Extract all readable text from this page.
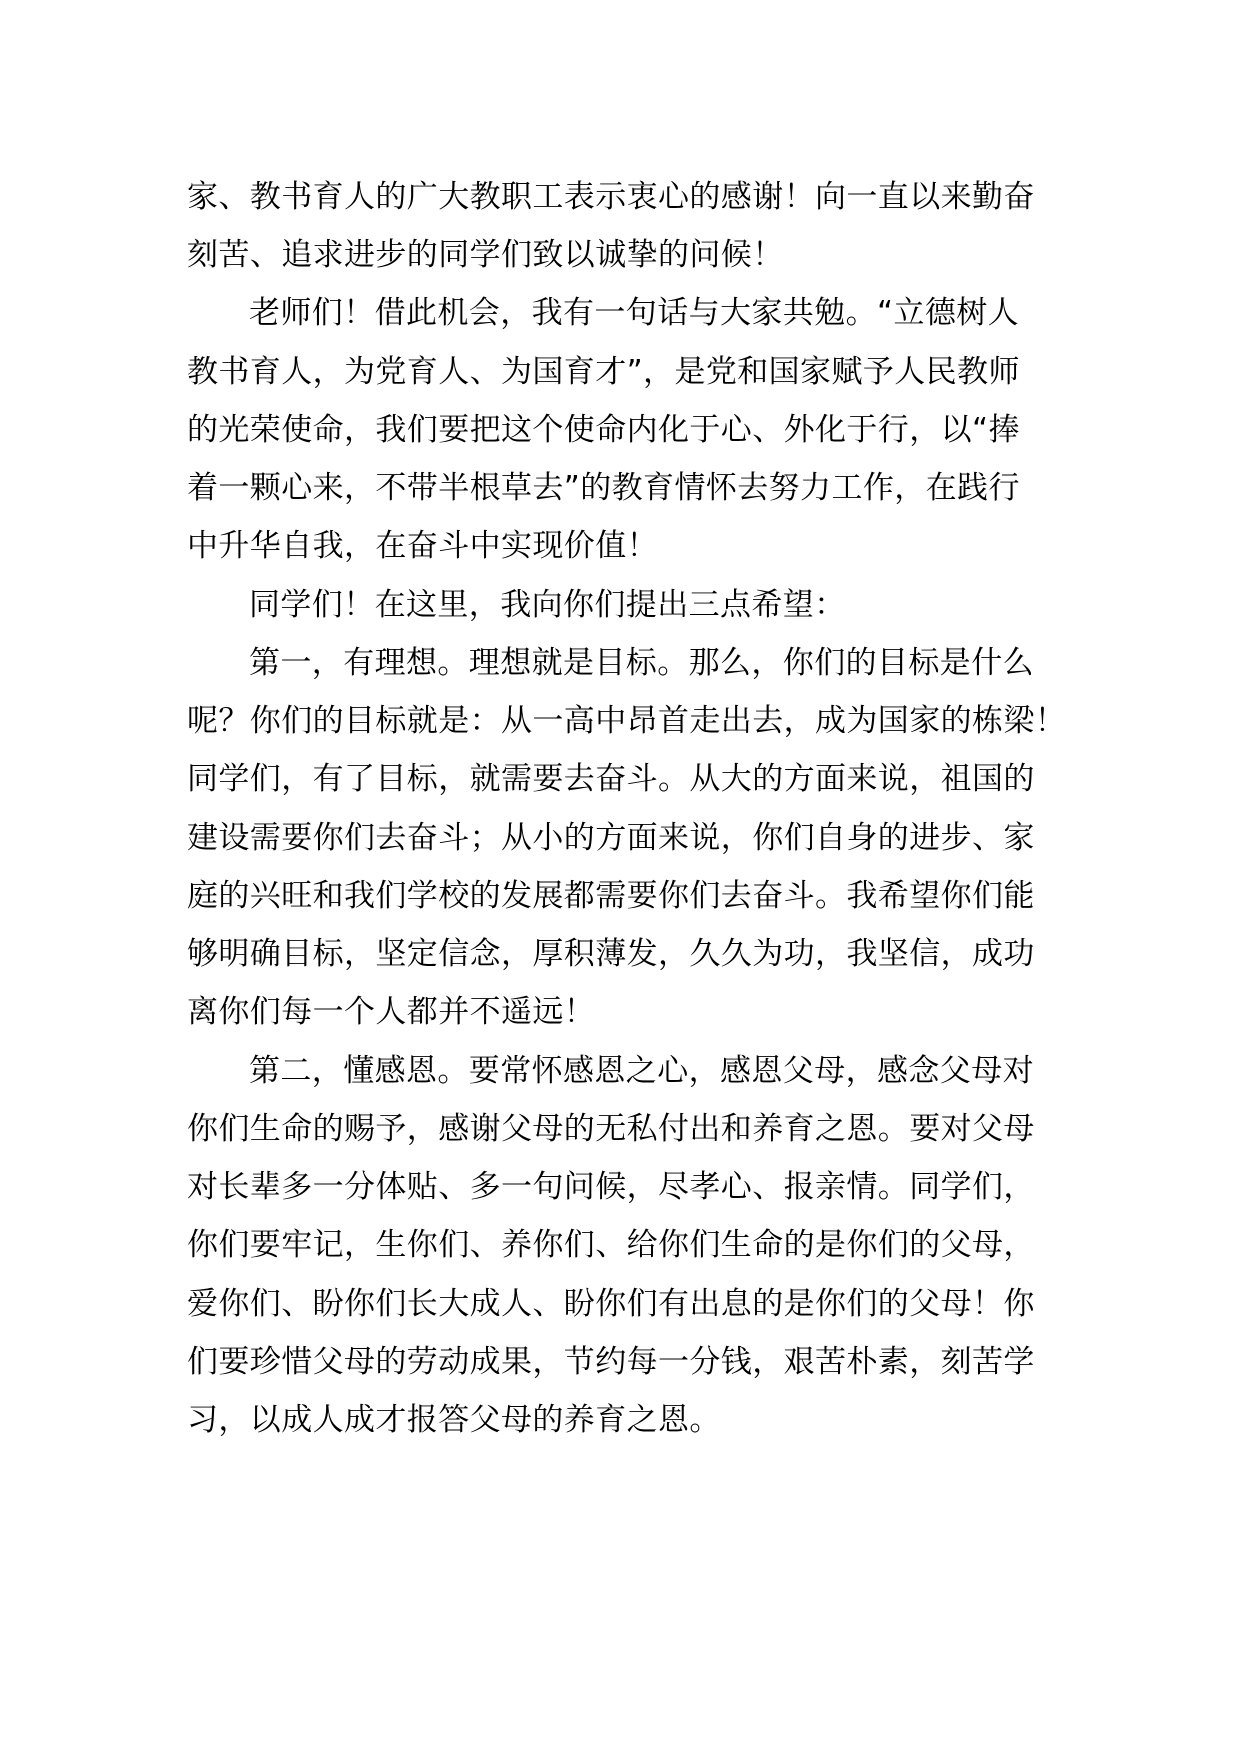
家、教书育人的广大教职工表示衷心的感谢！向一直以来勤奋
刻苦、追求进步的同学们致以诚挚的问候！
老师们！借此机会，我有一句话与大家共勉。“立德树人
教书育人，为党育人、为国育才”，是党和国家赋予人民教师
的光荣使命，我们要把这个使命内化于心、外化于行，以“捧
着一颗心来，不带半根草去”的教育情怀去努力工作，在践行
中升华自我，在奋斗中实现价值！
同学们！在这里，我向你们提出三点希望：
第一，有理想。理想就是目标。那么，你们的目标是什么
呢？你们的目标就是：从一高中昂首走出去，成为国家的栋梁！
同学们，有了目标，就需要去奋斗。从大的方面来说，祖国的
建设需要你们去奋斗；从小的方面来说，你们自身的进步、家
庭的兴旺和我们学校的发展都需要你们去奋斗。我希望你们能
够明确目标，坚定信念，厚积薄发，久久为功，我坚信，成功
离你们每一个人都并不遥远！
第二，懂感恩。要常怀感恩之心，感恩父母，感念父母对
你们生命的赐予，感谢父母的无私付出和养育之恩。要对父母
对长辈多一分体贴、多一句问候，尽孝心、报亲情。同学们，
你们要牢记，生你们、养你们、给你们生命的是你们的父母，
爱你们、盼你们长大成人、盼你们有出息的是你们的父母！你
们要珍惜父母的劳动成果，节约每一分钱，艰苦朴素，刻苦学
习，以成人成才报答父母的养育之恩。
